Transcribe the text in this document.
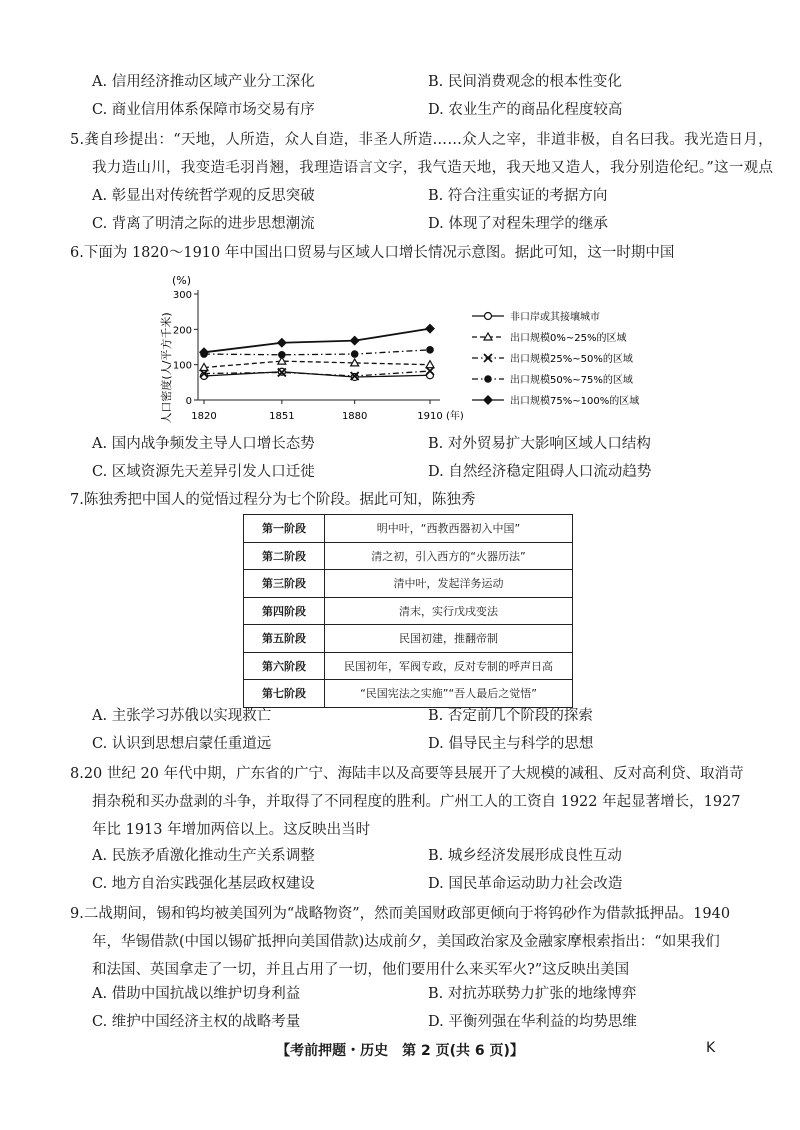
A. 信用经济推动区域产业分工深化	B. 民间消费观念的根本性变化
C. 商业信用体系保障市场交易有序	D. 农业生产的商品化程度较高
5.龚自珍提出：“天地，人所造，众人自造，非圣人所造……众人之宰，非道非极，自名曰我。我光造日月，
我力造山川，我变造毛羽肖翘，我理造语言文字，我气造天地，我天地又造人，我分别造伦纪。”这一观点
A. 彰显出对传统哲学观的反思突破	B. 符合注重实证的考据方向
C. 背离了明清之际的进步思想潮流	D. 体现了对程朱理学的继承
6.下面为 1820～1910 年中国出口贸易与区域人口增长情况示意图。据此可知，这一时期中国
(%)
人口密度(人/平方千米) 0
100
200
300
1820	1851	1880	1910 (年)
非口岸或其接壤城市
出口规模0%~25%的区域
出口规模25%~50%的区域
出口规模50%~75%的区域
出口规模75%~100%的区域
A. 国内战争频发主导人口增长态势	B. 对外贸易扩大影响区域人口结构
C. 区域资源先天差异引发人口迁徙	D. 自然经济稳定阻碍人口流动趋势
7.陈独秀把中国人的觉悟过程分为七个阶段。据此可知，陈独秀
第一阶段	明中叶，“西教西器初入中国”
第二阶段	清之初，引入西方的“火器历法”
第三阶段	清中叶，发起洋务运动
第四阶段	清末，实行戊戌变法
第五阶段	民国初建，推翻帝制
第六阶段	民国初年，军阀专政，反对专制的呼声日高
第七阶段	“民国宪法之实施”“吾人最后之觉悟”
A. 主张学习苏俄以实现救亡	B. 否定前几个阶段的探索
C. 认识到思想启蒙任重道远	D. 倡导民主与科学的思想
8.20 世纪 20 年代中期，广东省的广宁、海陆丰以及高要等县展开了大规模的减租、反对高利贷、取消苛
捐杂税和买办盘剥的斗争，并取得了不同程度的胜利。广州工人的工资自 1922 年起显著增长，1927
年比 1913 年增加两倍以上。这反映出当时
A. 民族矛盾激化推动生产关系调整	B. 城乡经济发展形成良性互动
C. 地方自治实践强化基层政权建设	D. 国民革命运动助力社会改造
9.二战期间，锡和钨均被美国列为“战略物资”，然而美国财政部更倾向于将钨砂作为借款抵押品。1940
年，华锡借款(中国以锡矿抵押向美国借款)达成前夕，美国政治家及金融家摩根索指出：“如果我们
和法国、英国拿走了一切，并且占用了一切，他们要用什么来买军火?”这反映出美国
A. 借助中国抗战以维护切身利益	B. 对抗苏联势力扩张的地缘博弈
C. 维护中国经济主权的战略考量	D. 平衡列强在华利益的均势思维
【考前押题・历史　第 2 页(共 6 页)】	K
